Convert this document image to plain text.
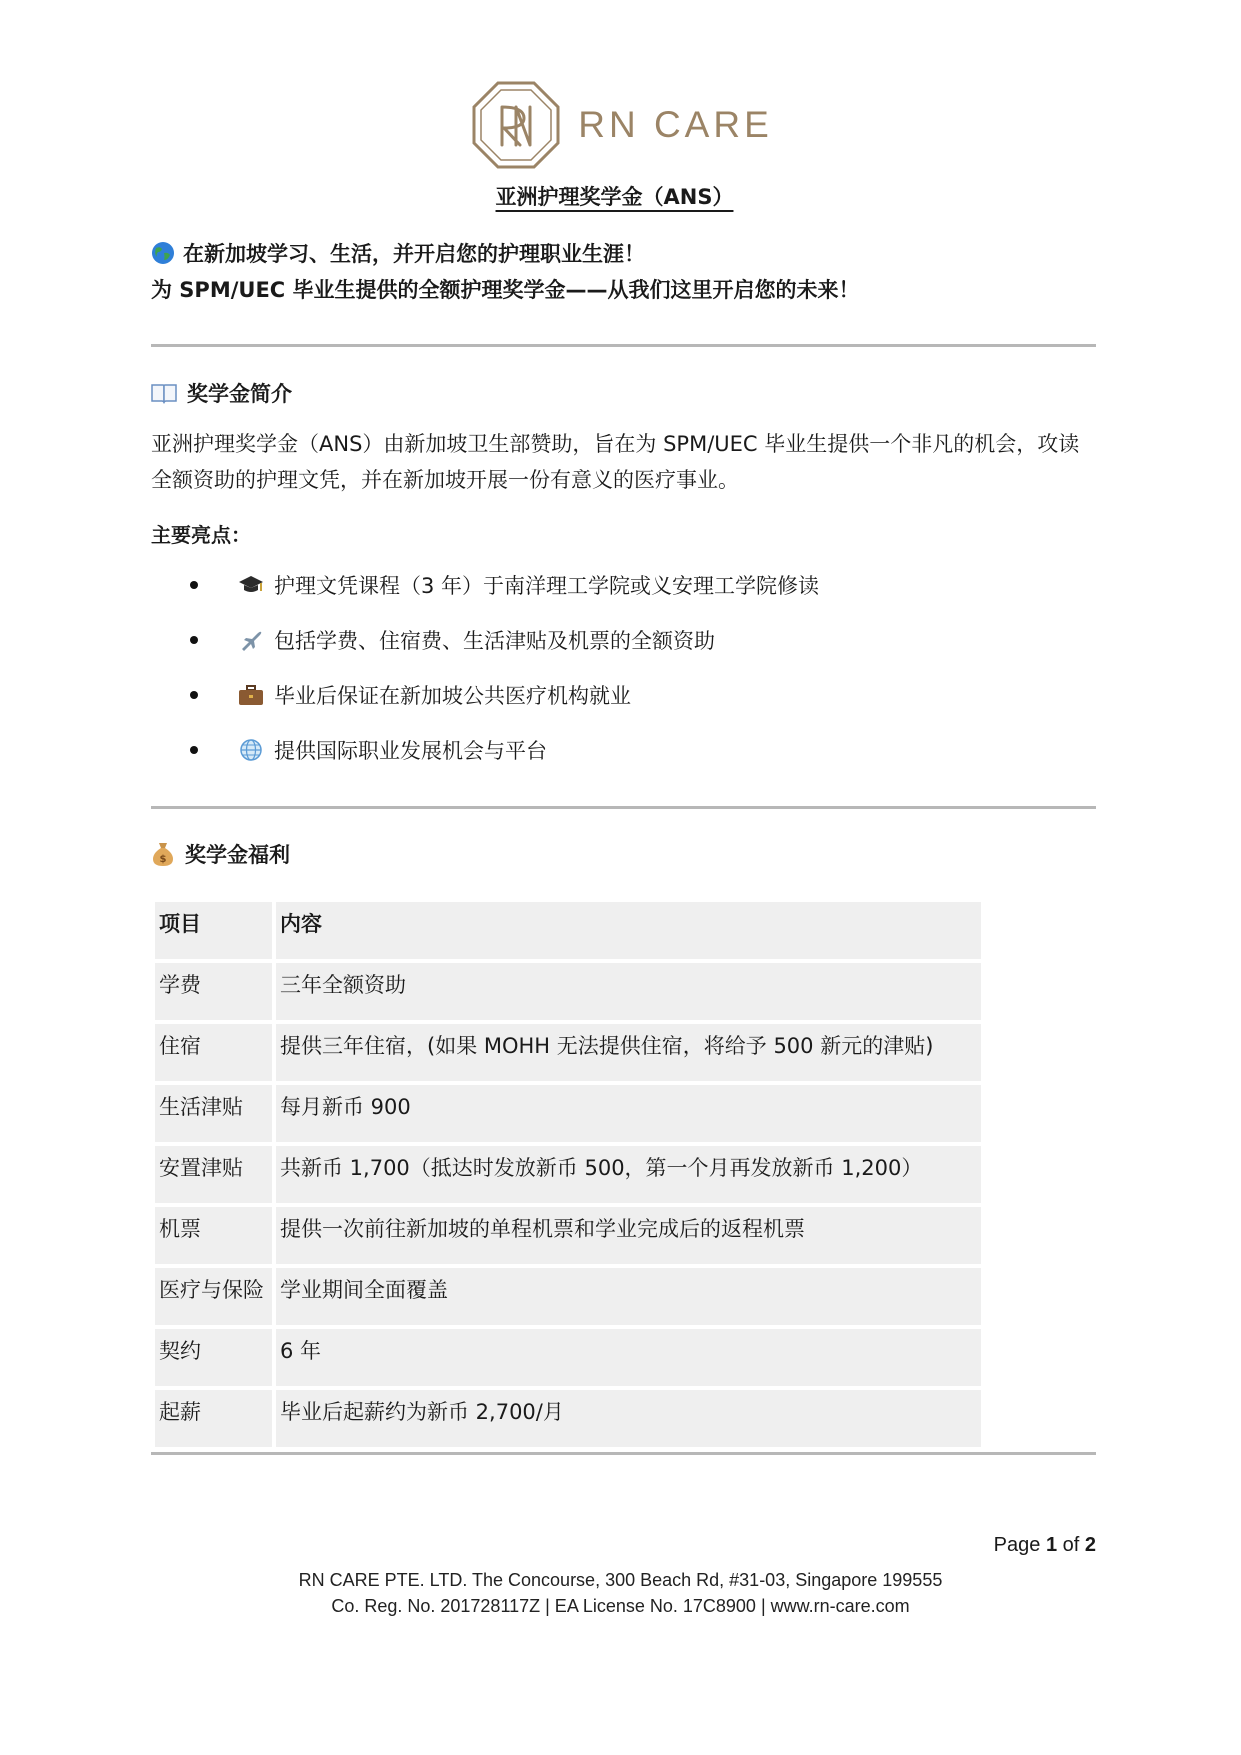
RN CARE
亚洲护理奖学金（ANS）
在新加坡学习、生活，并开启您的护理职业生涯！
为 SPM/UEC 毕业生提供的全额护理奖学金——从我们这里开启您的未来！
奖学金简介
亚洲护理奖学金（ANS）由新加坡卫生部赞助，旨在为 SPM/UEC 毕业生提供一个非凡的机会，攻读全额资助的护理文凭，并在新加坡开展一份有意义的医疗事业。
主要亮点：
护理文凭课程（3 年）于南洋理工学院或义安理工学院修读
包括学费、住宿费、生活津贴及机票的全额资助
毕业后保证在新加坡公共医疗机构就业
提供国际职业发展机会与平台
$ 奖学金福利
项目	内容
学费	三年全额资助
住宿	提供三年住宿，(如果 MOHH 无法提供住宿，将给予 500 新元的津贴)
生活津贴	每月新币 900
安置津贴	共新币 1,700（抵达时发放新币 500，第一个月再发放新币 1,200）
机票	提供一次前往新加坡的单程机票和学业完成后的返程机票
医疗与保险	学业期间全面覆盖
契约	6 年
起薪	毕业后起薪约为新币 2,700/月
Page 1 of 2
RN CARE PTE. LTD. The Concourse, 300 Beach Rd, #31-03, Singapore 199555
Co. Reg. No. 201728117Z | EA License No. 17C8900 | www.rn-care.com
